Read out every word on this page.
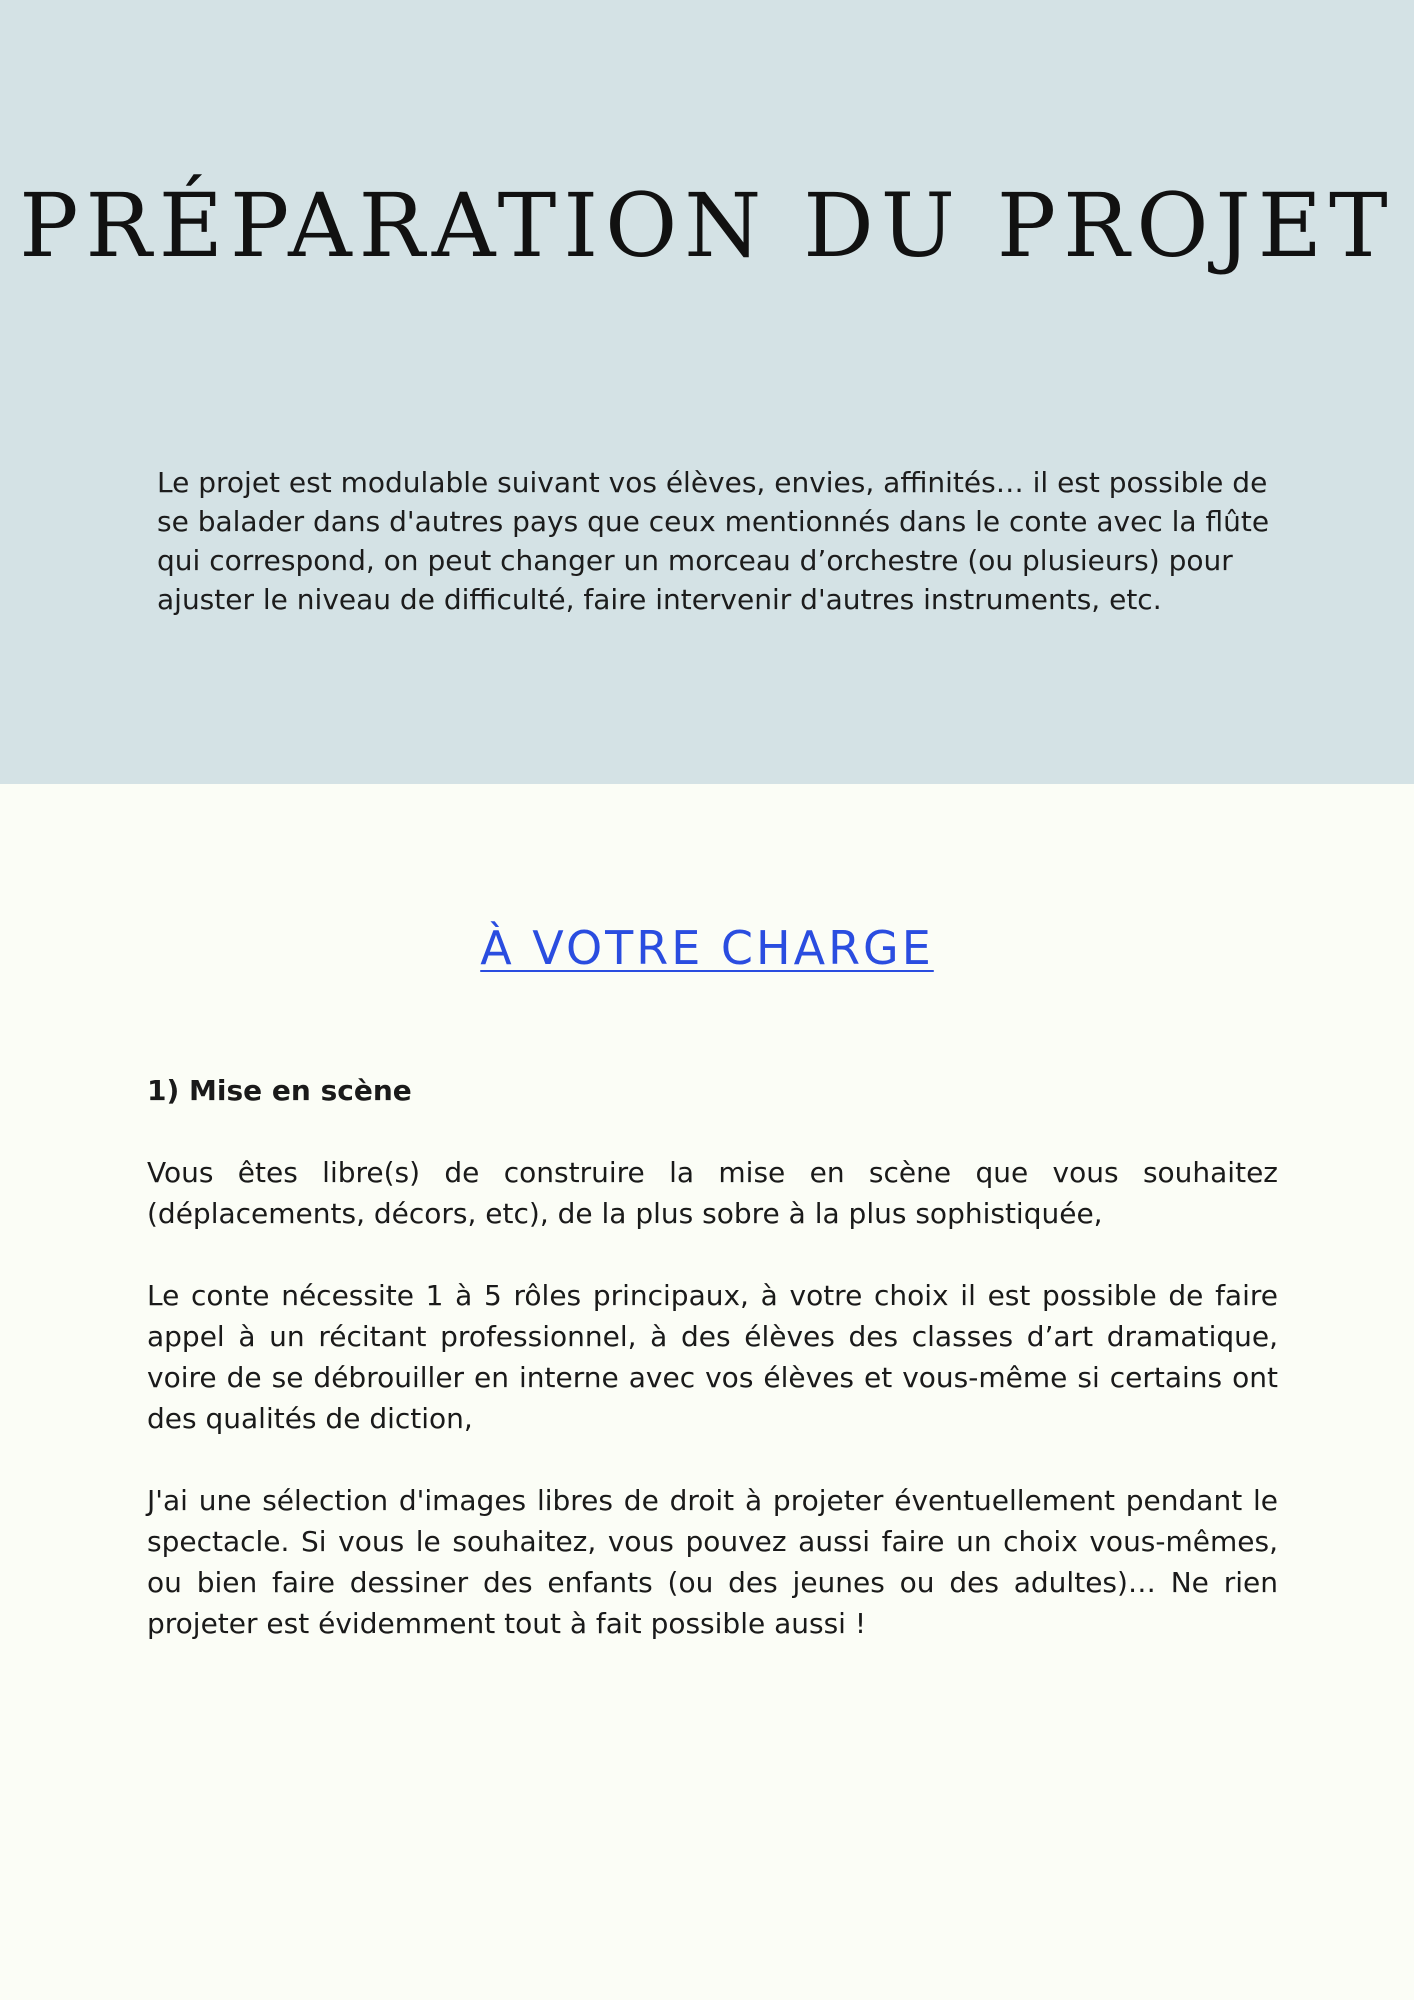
PRÉPARATION DU PROJET

Le projet est modulable suivant vos élèves, envies, affinités… il est possible de se balader dans d'autres pays que ceux mentionnés dans le conte avec la flûte qui correspond, on peut changer un morceau d’orchestre (ou plusieurs) pour ajuster le niveau de difficulté, faire intervenir d'autres instruments, etc.

À VOTRE CHARGE

1) Mise en scène

Vous êtes libre(s) de construire la mise en scène que vous souhaitez (déplacements, décors, etc), de la plus sobre à la plus sophistiquée,

Le conte nécessite 1 à 5 rôles principaux, à votre choix il est possible de faire appel à un récitant professionnel, à des élèves des classes d’art dramatique, voire de se débrouiller en interne avec vos élèves et vous-même si certains ont des qualités de diction,

J'ai une sélection d'images libres de droit à projeter éventuellement pendant le spectacle. Si vous le souhaitez, vous pouvez aussi faire un choix vous-mêmes, ou bien faire dessiner des enfants (ou des jeunes ou des adultes)… Ne rien projeter est évidemment tout à fait possible aussi !
